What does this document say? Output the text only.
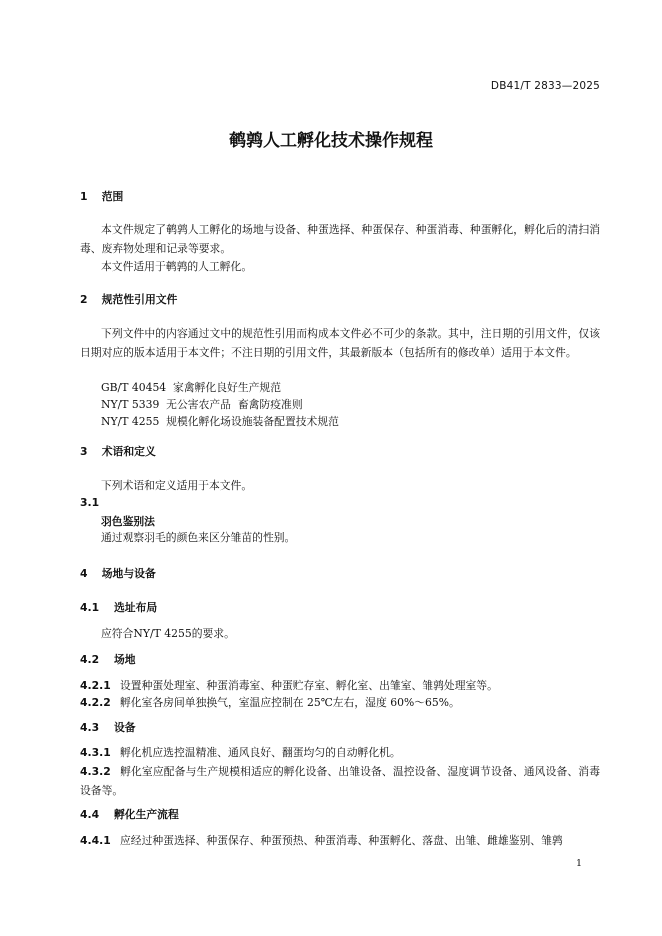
DB41/T 2833—2025
鹌鹑人工孵化技术操作规程
1 范围
本文件规定了鹌鹑人工孵化的场地与设备、种蛋选择、种蛋保存、种蛋消毒、种蛋孵化，孵化后的清扫消毒、废弃物处理和记录等要求。
本文件适用于鹌鹑的人工孵化。
2 规范性引用文件
下列文件中的内容通过文中的规范性引用而构成本文件必不可少的条款。其中，注日期的引用文件，仅该日期对应的版本适用于本文件；不注日期的引用文件，其最新版本（包括所有的修改单）适用于本文件。
GB/T 40454  家禽孵化良好生产规范
NY/T 5339  无公害农产品  畜禽防疫准则
NY/T 4255  规模化孵化场设施装备配置技术规范
3 术语和定义
下列术语和定义适用于本文件。
3.1
羽色鉴别法
通过观察羽毛的颜色来区分雏苗的性别。
4 场地与设备
4.1 选址布局
应符合NY/T 4255的要求。
4.2 场地
4.2.1 设置种蛋处理室、种蛋消毒室、种蛋贮存室、孵化室、出雏室、雏鹑处理室等。
4.2.2 孵化室各房间单独换气，室温应控制在 25℃左右，湿度 60%～65%。
4.3 设备
4.3.1 孵化机应选控温精准、通风良好、翻蛋均匀的自动孵化机。
4.3.2 孵化室应配备与生产规模相适应的孵化设备、出雏设备、温控设备、湿度调节设备、通风设备、消毒设备等。
4.4 孵化生产流程
4.4.1 应经过种蛋选择、种蛋保存、种蛋预热、种蛋消毒、种蛋孵化、落盘、出雏、雌雄鉴别、雏鹑
1
